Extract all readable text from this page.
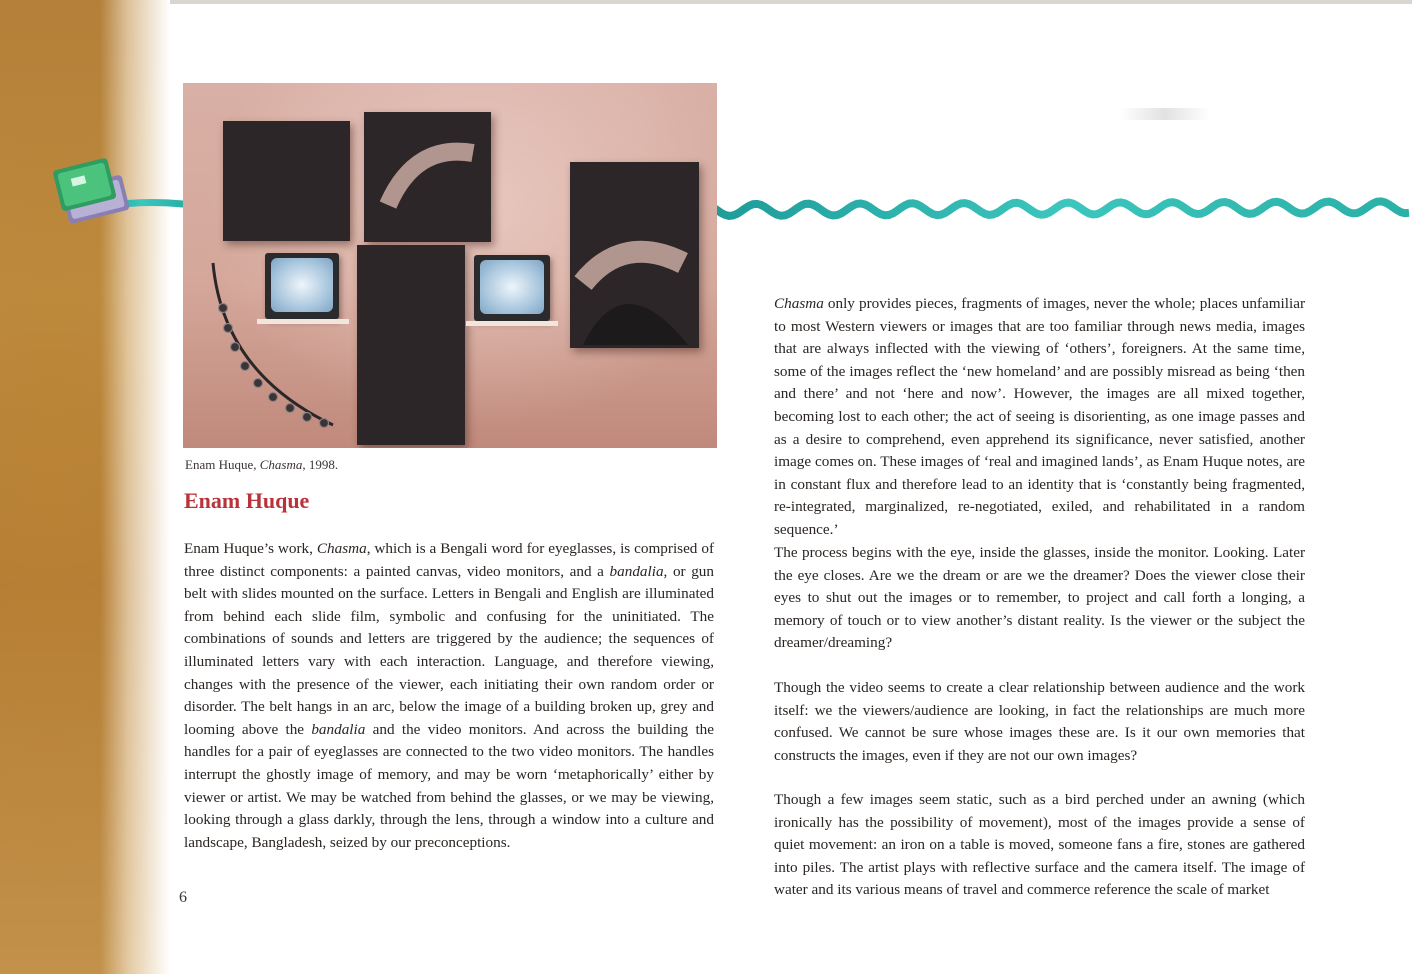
Enam Huque, Chasma, 1998.
Enam Huque

Enam Huque’s work, Chasma, which is a Bengali word for eyeglasses, is comprised of three distinct components: a painted canvas, video monitors, and a bandalia, or gun belt with slides mounted on the surface. Letters in Bengali and English are illuminated from behind each slide film, symbolic and confusing for the uninitiated. The combinations of sounds and letters are triggered by the audience; the sequences of illuminated letters vary with each interaction. Language, and therefore viewing, changes with the presence of the viewer, each initiating their own random order or disorder. The belt hangs in an arc, below the image of a building broken up, grey and looming above the bandalia and the video monitors. And across the building the handles for a pair of eyeglasses are connected to the two video monitors. The handles interrupt the ghostly image of memory, and may be worn ‘metaphorically’ either by viewer or artist. We may be watched from behind the glasses, or we may be viewing, looking through a glass darkly, through the lens, through a window into a culture and landscape, Bangladesh, seized by our preconceptions.

Chasma only provides pieces, fragments of images, never the whole; places unfamiliar to most Western viewers or images that are too familiar through news media, images that are always inflected with the viewing of ‘others’, foreigners. At the same time, some of the images reflect the ‘new homeland’ and are possibly misread as being ‘then and there’ and not ‘here and now’. However, the images are all mixed together, becoming lost to each other; the act of seeing is disorienting, as one image passes and as a desire to comprehend, even apprehend its significance, never satisfied, another image comes on. These images of ‘real and imagined lands’, as Enam Huque notes, are in constant flux and therefore lead to an identity that is ‘constantly being fragmented, re-integrated, marginalized, re-negotiated, exiled, and rehabilitated in a random sequence.’

The process begins with the eye, inside the glasses, inside the monitor. Looking. Later the eye closes. Are we the dream or are we the dreamer? Does the viewer close their eyes to shut out the images or to remember, to project and call forth a longing, a memory of touch or to view another’s distant reality. Is the viewer or the subject the dreamer/dreaming?

Though the video seems to create a clear relationship between audience and the work itself: we the viewers/audience are looking, in fact the relationships are much more confused. We cannot be sure whose images these are. Is it our own memories that constructs the images, even if they are not our own images?

Though a few images seem static, such as a bird perched under an awning (which ironically has the possibility of movement), most of the images provide a sense of quiet movement: an iron on a table is moved, someone fans a fire, stones are gathered into piles. The artist plays with reflective surface and the camera itself. The image of water and its various means of travel and commerce reference the scale of market

6
